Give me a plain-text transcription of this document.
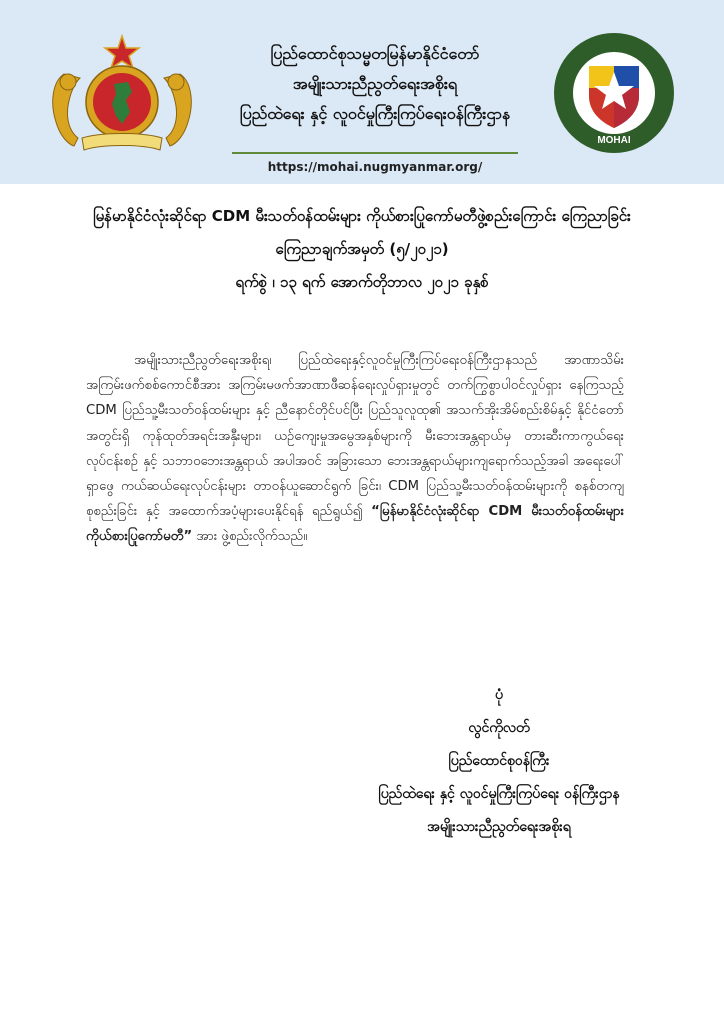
ပြည်ထောင်စုသမ္မတမြန်မာနိုင်ငံတော်
အမျိုးသားညီညွတ်ရေးအစိုးရ
ပြည်ထဲရေး နှင့် လူဝင်မှုကြီးကြပ်ရေးဝန်ကြီးဌာန
https://mohai.nugmyanmar.org/
MOHAI
မြန်မာနိုင်ငံလုံးဆိုင်ရာ CDM မီးသတ်ဝန်ထမ်းများ ကိုယ်စားပြုကော်မတီဖွဲ့စည်းကြောင်း ကြေညာခြင်း
ကြေညာချက်အမှတ် (၅/၂၀၂၁)
ရက်စွဲ ၊ ၁၃ ရက် အောက်တိုဘာလ ၂၀၂၁ ခုနှစ်
အမျိုးသားညီညွတ်ရေးအစိုးရ၊ ပြည်ထဲရေးနှင့်လူဝင်မှုကြီးကြပ်ရေးဝန်ကြီးဌာနသည် အာဏာသိမ်း အကြမ်းဖက်စစ်ကောင်စီအား အကြမ်းမဖက်အာဏာဖီဆန်ရေးလှုပ်ရှားမှုတွင် တက်ကြွစွာပါဝင်လှုပ်ရှား နေကြသည့် CDM ပြည်သူ့မီးသတ်ဝန်ထမ်းများ နှင့် ညီနောင်တိုင်ပင်ပြီး ပြည်သူလူထု၏ အသက်အိုးအိမ်စည်းစိမ်နှင့် နိုင်ငံတော်အတွင်းရှိ ကုန်ထုတ်အရင်းအနှီးများ၊ ယဉ်ကျေးမှုအမွေအနှစ်များကို မီးဘေးအန္တရာယ်မှ တားဆီးကာကွယ်ရေးလုပ်ငန်းစဉ် နှင့် သဘာဝဘေးအန္တရာယ် အပါအဝင် အခြားသော ဘေးအန္တရာယ်များကျရောက်သည့်အခါ အရေးပေါ်ရှာဖွေ ကယ်ဆယ်ရေးလုပ်ငန်းများ တာဝန်ယူဆောင်ရွက် ခြင်း၊ CDM ပြည်သူ့မီးသတ်ဝန်ထမ်းများကို စနစ်တကျစုစည်းခြင်း နှင့် အထောက်အပံ့များပေးနိုင်ရန် ရည်ရွယ်၍ “မြန်မာနိုင်ငံလုံးဆိုင်ရာ CDM မီးသတ်ဝန်ထမ်းများ ကိုယ်စားပြုကော်မတီ” အား ဖွဲ့စည်းလိုက်သည်။
ပုံ
လွင်ကိုလတ်
ပြည်ထောင်စုဝန်ကြီး
ပြည်ထဲရေး နှင့် လူဝင်မှုကြီးကြပ်ရေး ဝန်ကြီးဌာန
အမျိုးသားညီညွတ်ရေးအစိုးရ
